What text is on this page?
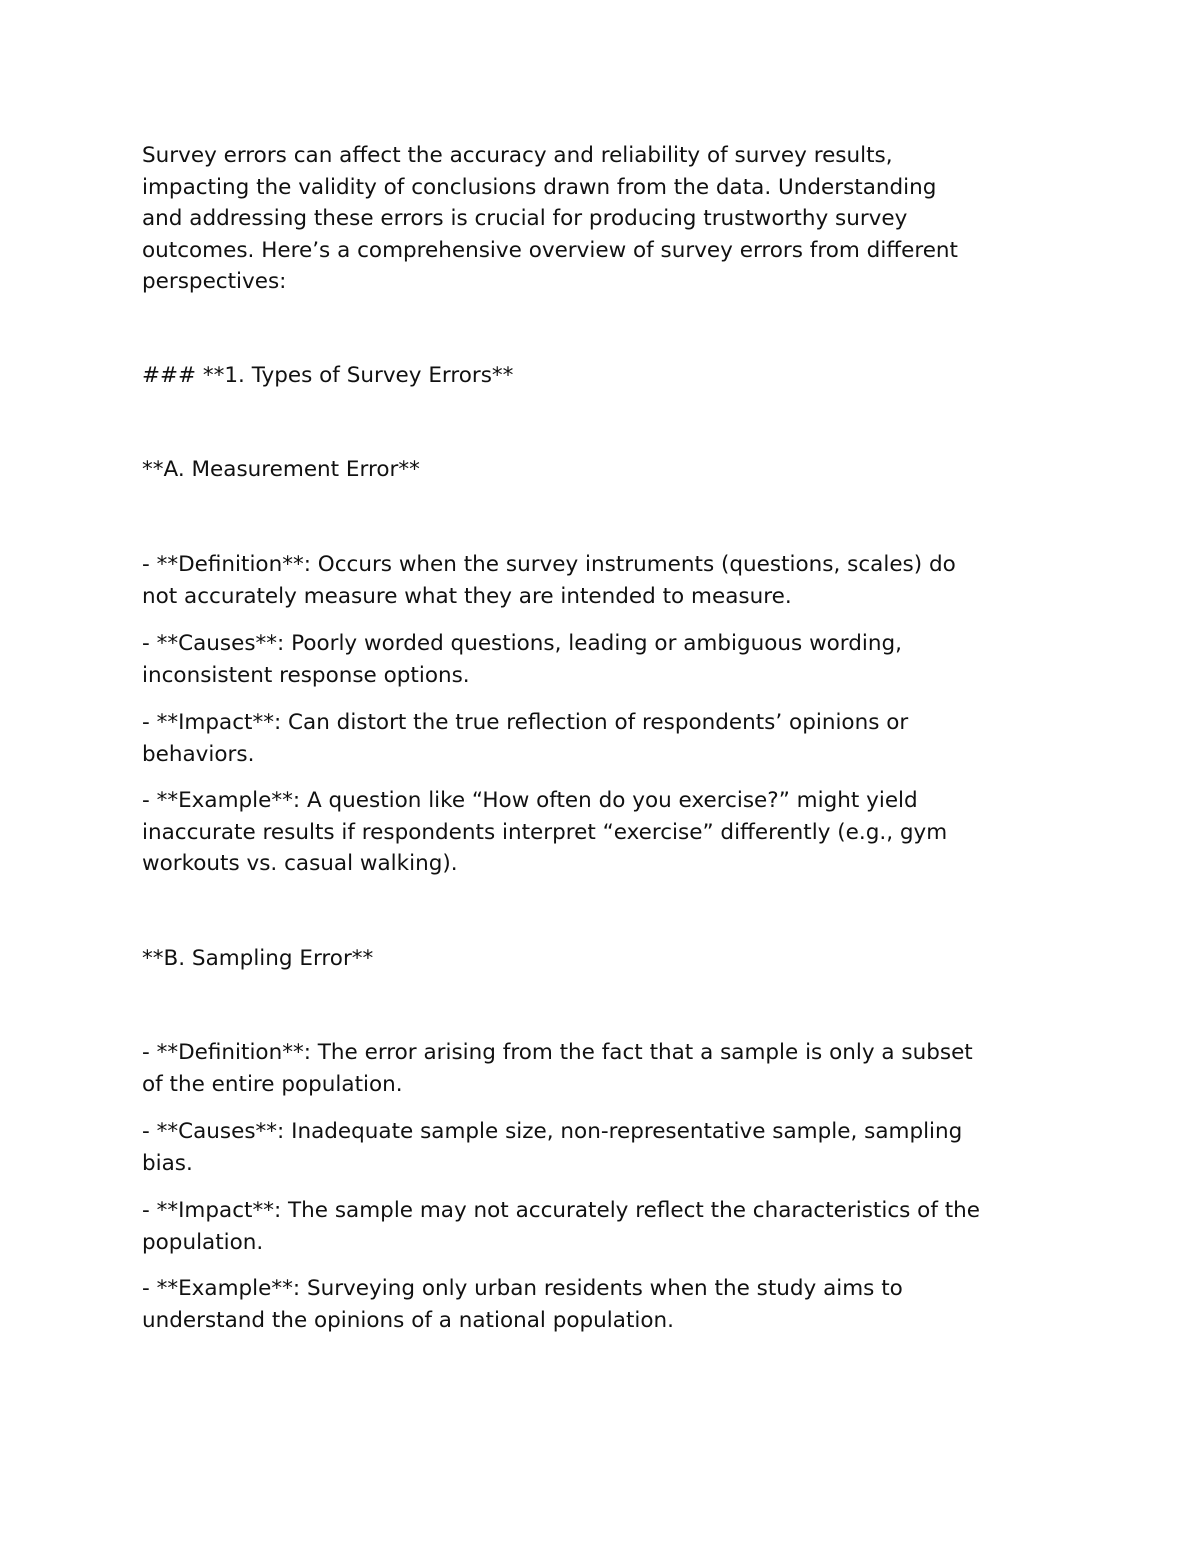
Survey errors can affect the accuracy and reliability of survey results,
impacting the validity of conclusions drawn from the data. Understanding
and addressing these errors is crucial for producing trustworthy survey
outcomes. Here’s a comprehensive overview of survey errors from different
perspectives:
### **1. Types of Survey Errors**
**A. Measurement Error**
- **Definition**: Occurs when the survey instruments (questions, scales) do
not accurately measure what they are intended to measure.
- **Causes**: Poorly worded questions, leading or ambiguous wording,
inconsistent response options.
- **Impact**: Can distort the true reflection of respondents’ opinions or
behaviors.
- **Example**: A question like “How often do you exercise?” might yield
inaccurate results if respondents interpret “exercise” differently (e.g., gym
workouts vs. casual walking).
**B. Sampling Error**
- **Definition**: The error arising from the fact that a sample is only a subset
of the entire population.
- **Causes**: Inadequate sample size, non-representative sample, sampling
bias.
- **Impact**: The sample may not accurately reflect the characteristics of the
population.
- **Example**: Surveying only urban residents when the study aims to
understand the opinions of a national population.
